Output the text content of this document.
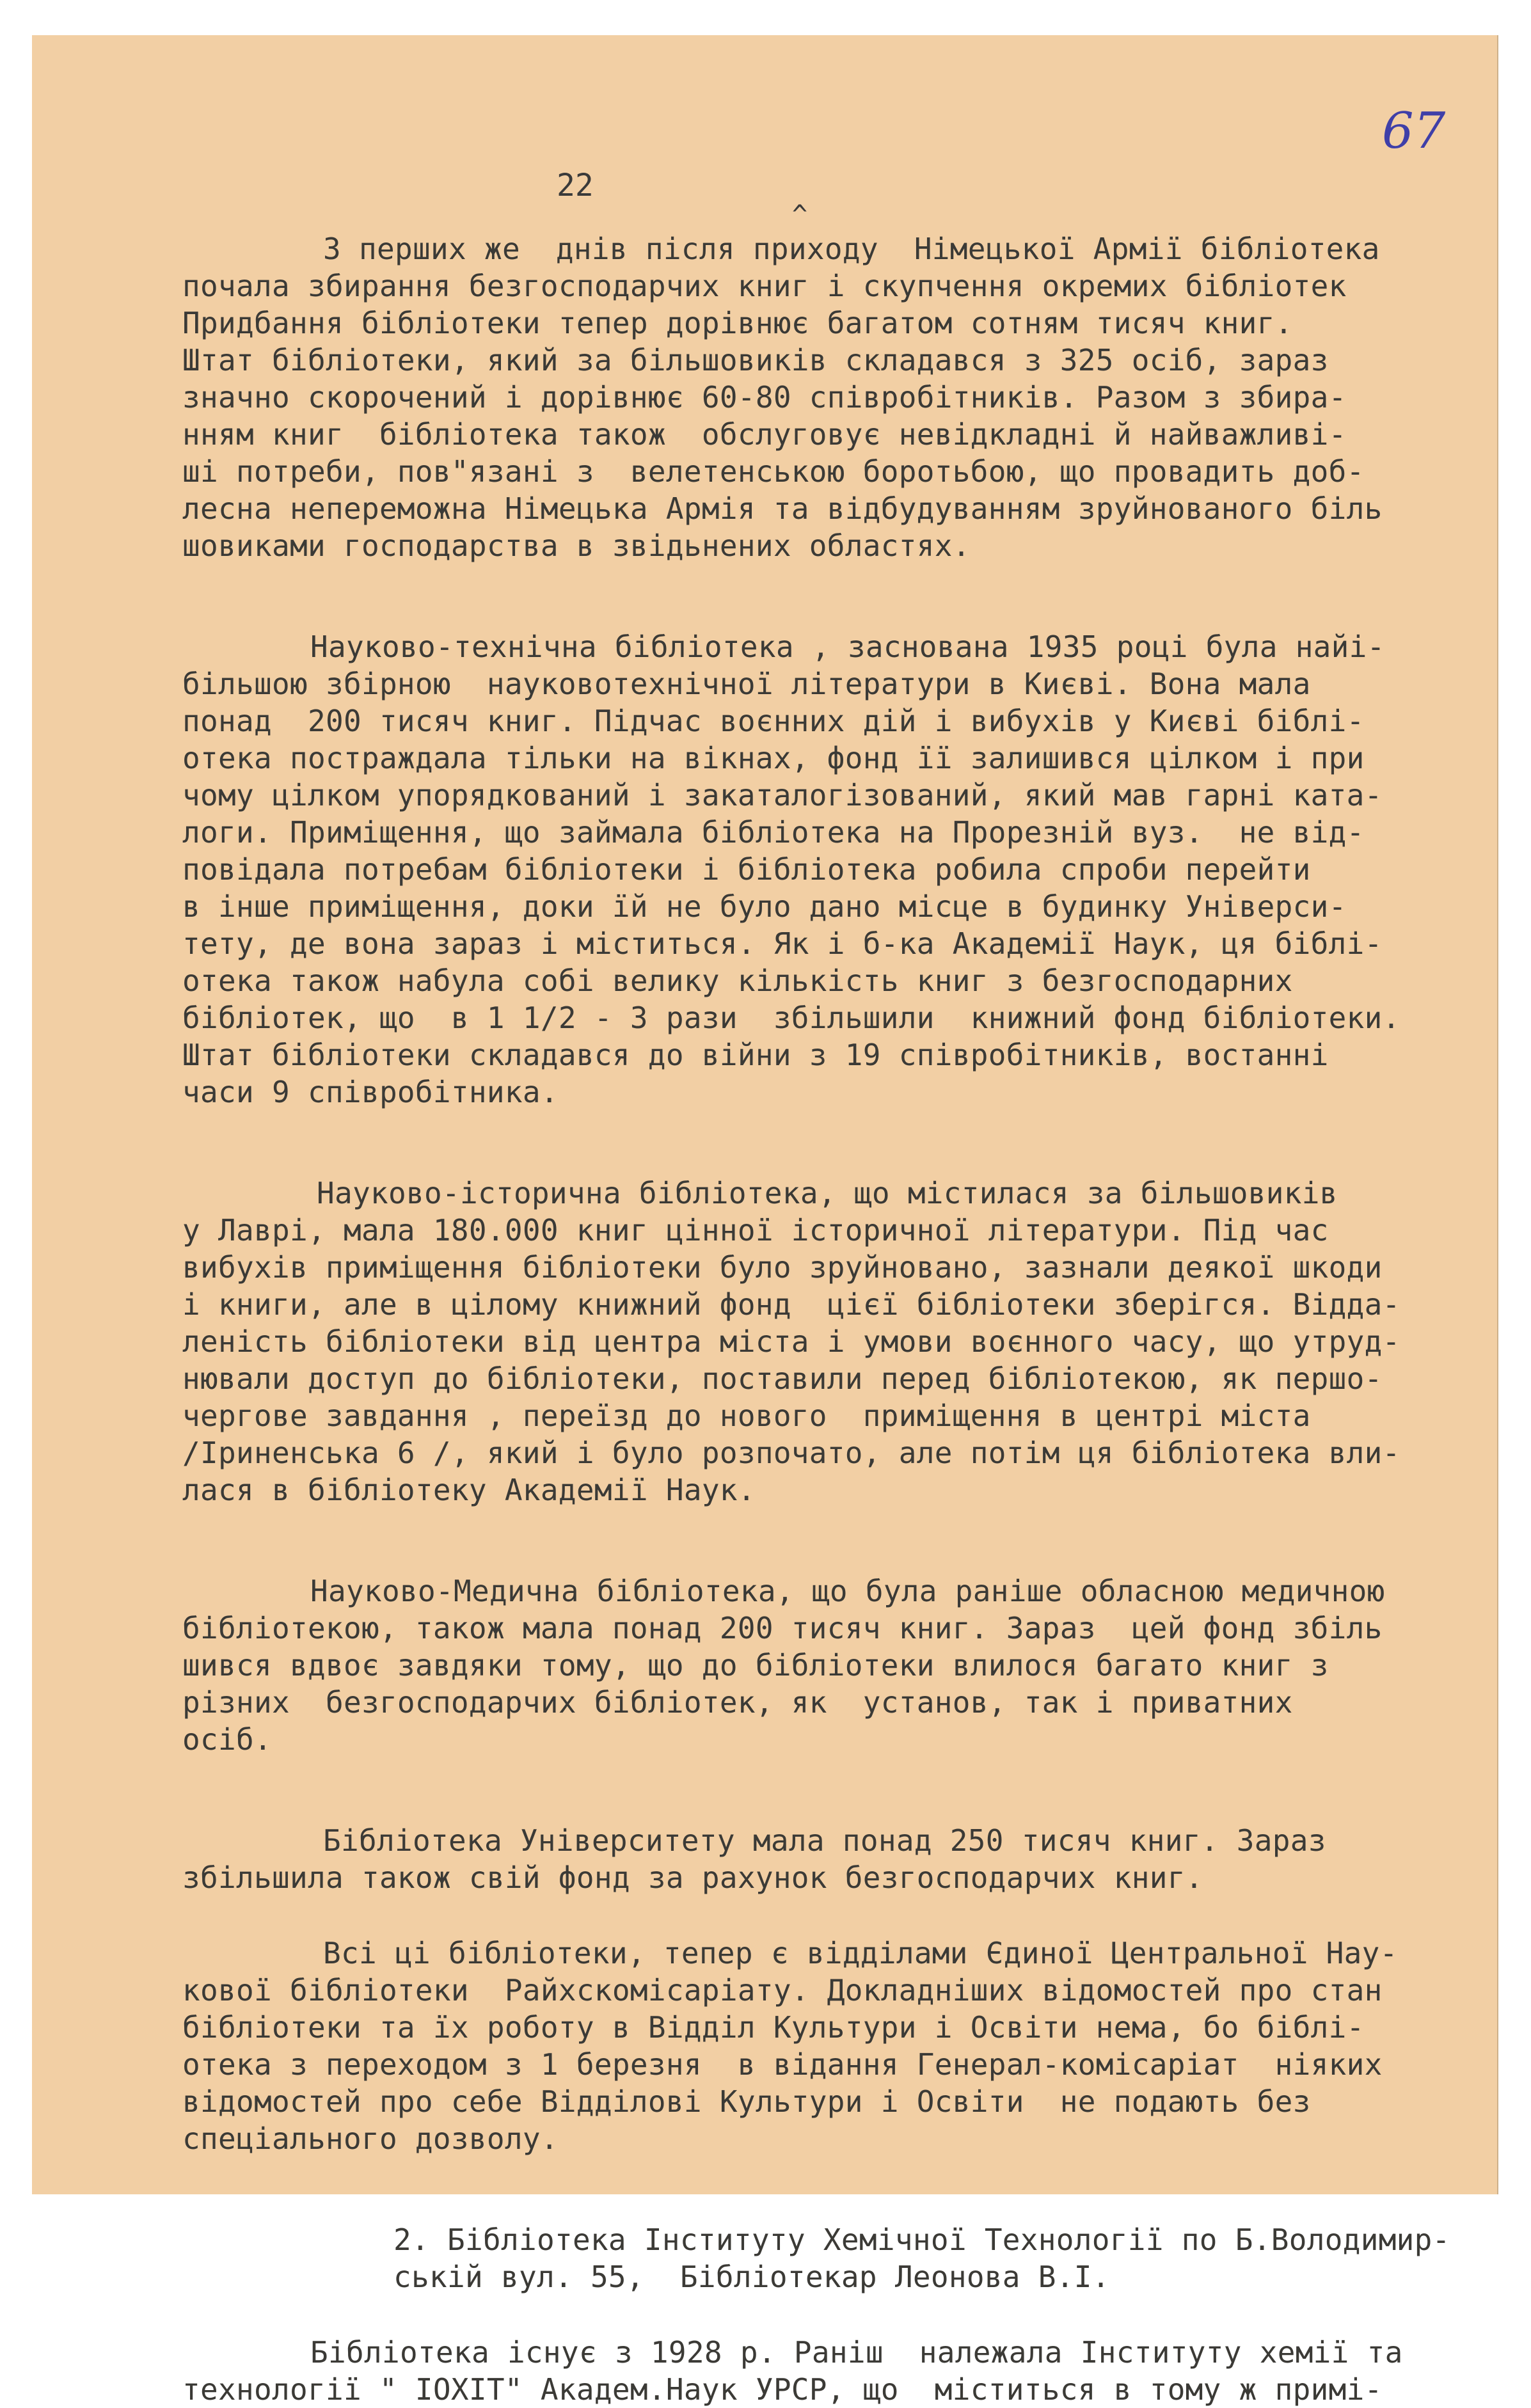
67
22
^
З перших же  днів після приходу  Німецької Армії бібліотека
почала збирання безгосподарчих книг і скупчення окремих бібліотек
Придбання бібліотеки тепер дорівнює багатом сотням тисяч книг.
Штат бібліотеки, який за більшовиків складався з 325 осіб, зараз
значно скорочений і дорівнює 60-80 співробітників. Разом з збира-
нням книг  бібліотека також  обслуговує невідкладні й найважливі-
ші потреби, пов"язані з  велетенською боротьбою, що провадить доб-
лесна непереможна Німецька Армія та відбудуванням зруйнованого біль
шовиками господарства в звідьнених областях.
Науково-технічна бібліотека , заснована 1935 році була найі-
більшою збірною  науковотехнічної літератури в Києві. Вона мала
понад  200 тисяч книг. Підчас воєнних дій і вибухів у Києві біблі-
отека постраждала тільки на вікнах, фонд її залишився цілком і при
чому цілком упорядкований і закаталогізований, який мав гарні ката-
логи. Приміщення, що займала бібліотека на Прорезній вуз.  не від-
повідала потребам бібліотеки і бібліотека робила спроби перейти
в інше приміщення, доки їй не було дано місце в будинку Універси-
тету, де вона зараз і міститься. Як і б-ка Академії Наук, ця біблі-
отека також набула собі велику кількість книг з безгосподарних
бібліотек, що  в 1 1/2 - 3 рази  збільшили  книжний фонд бібліотеки.
Штат бібліотеки складався до війни з 19 співробітників, востанні
часи 9 співробітника.
Науково-історична бібліотека, що містилася за більшовиків
у Лаврі, мала 180.000 книг цінної історичної літератури. Під час
вибухів приміщення бібліотеки було зруйновано, зазнали деякої шкоди
і книги, але в цілому книжний фонд  цієї бібліотеки зберігся. Відда-
леність бібліотеки від центра міста і умови воєнного часу, що утруд-
нювали доступ до бібліотеки, поставили перед бібліотекою, як першо-
чергове завдання , переїзд до нового  приміщення в центрі міста
/Іриненська 6 /, який і було розпочато, але потім ця бібліотека вли-
лася в бібліотеку Академії Наук.
Науково-Медична бібліотека, що була раніше обласною медичною
бібліотекою, також мала понад 200 тисяч книг. Зараз  цей фонд збіль
шився вдвоє завдяки тому, що до бібліотеки влилося багато книг з
різних  безгосподарчих бібліотек, як  установ, так і приватних
осіб.
Бібліотека Університету мала понад 250 тисяч книг. Зараз
збільшила також свій фонд за рахунок безгосподарчих книг.
Всі ці бібліотеки, тепер є відділами Єдиної Центральної Нау-
кової бібліотеки  Райхскомісаріату. Докладніших відомостей про стан
бібліотеки та їх роботу в Відділ Культури і Освіти нема, бо біблі-
отека з переходом з 1 березня  в відання Генерал-комісаріат  ніяких
відомостей про себе Відділові Культури і Освіти  не подають без
спеціального дозволу.
2. Бібліотека Інституту Хемічної Технології по Б.Володимир-
ській вул. 55,  Бібліотекар Леонова В.І.
Бібліотека існує з 1928 р. Раніш  належала Інституту хемії та
технології " ІОХІТ" Академ.Наук УРСР, що  міститься в тому ж примі-
